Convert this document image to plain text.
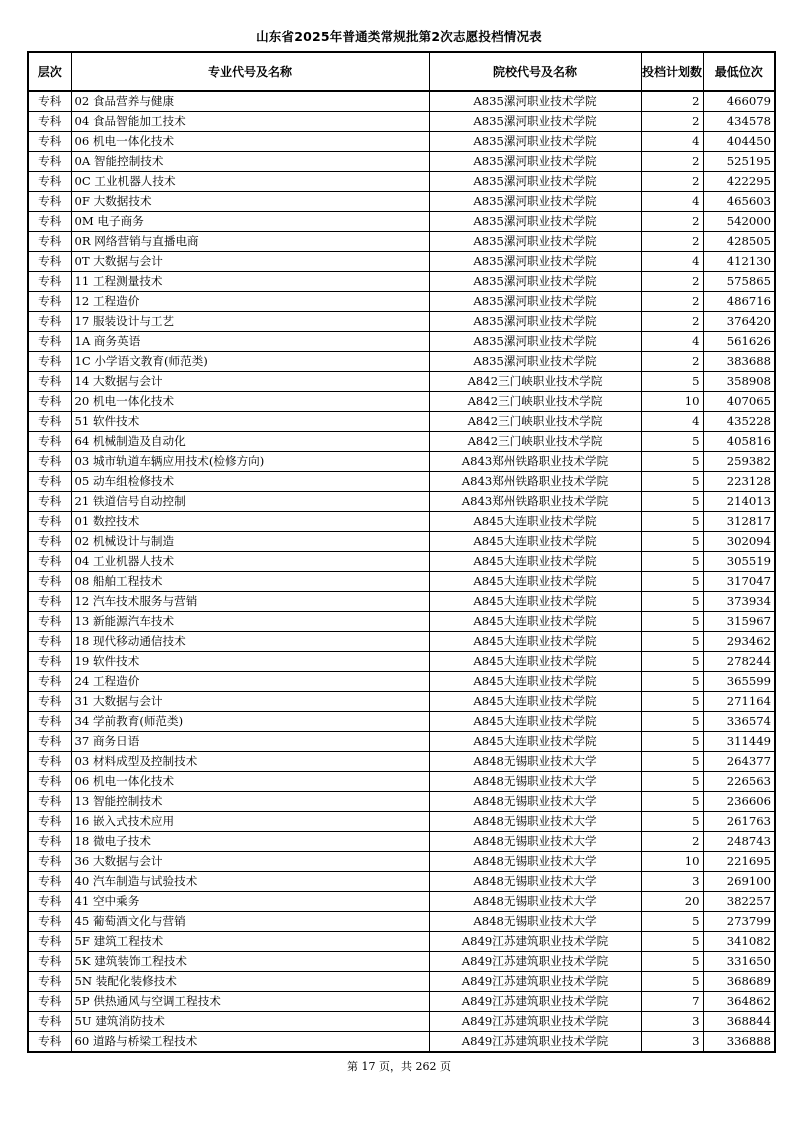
山东省2025年普通类常规批第2次志愿投档情况表
层次	专业代号及名称	院校代号及名称	投档计划数	最低位次
专科	02 食品营养与健康	A835漯河职业技术学院	2	466079
专科	04 食品智能加工技术	A835漯河职业技术学院	2	434578
专科	06 机电一体化技术	A835漯河职业技术学院	4	404450
专科	0A 智能控制技术	A835漯河职业技术学院	2	525195
专科	0C 工业机器人技术	A835漯河职业技术学院	2	422295
专科	0F 大数据技术	A835漯河职业技术学院	4	465603
专科	0M 电子商务	A835漯河职业技术学院	2	542000
专科	0R 网络营销与直播电商	A835漯河职业技术学院	2	428505
专科	0T 大数据与会计	A835漯河职业技术学院	4	412130
专科	11 工程测量技术	A835漯河职业技术学院	2	575865
专科	12 工程造价	A835漯河职业技术学院	2	486716
专科	17 服装设计与工艺	A835漯河职业技术学院	2	376420
专科	1A 商务英语	A835漯河职业技术学院	4	561626
专科	1C 小学语文教育(师范类)	A835漯河职业技术学院	2	383688
专科	14 大数据与会计	A842三门峡职业技术学院	5	358908
专科	20 机电一体化技术	A842三门峡职业技术学院	10	407065
专科	51 软件技术	A842三门峡职业技术学院	4	435228
专科	64 机械制造及自动化	A842三门峡职业技术学院	5	405816
专科	03 城市轨道车辆应用技术(检修方向)	A843郑州铁路职业技术学院	5	259382
专科	05 动车组检修技术	A843郑州铁路职业技术学院	5	223128
专科	21 铁道信号自动控制	A843郑州铁路职业技术学院	5	214013
专科	01 数控技术	A845大连职业技术学院	5	312817
专科	02 机械设计与制造	A845大连职业技术学院	5	302094
专科	04 工业机器人技术	A845大连职业技术学院	5	305519
专科	08 船舶工程技术	A845大连职业技术学院	5	317047
专科	12 汽车技术服务与营销	A845大连职业技术学院	5	373934
专科	13 新能源汽车技术	A845大连职业技术学院	5	315967
专科	18 现代移动通信技术	A845大连职业技术学院	5	293462
专科	19 软件技术	A845大连职业技术学院	5	278244
专科	24 工程造价	A845大连职业技术学院	5	365599
专科	31 大数据与会计	A845大连职业技术学院	5	271164
专科	34 学前教育(师范类)	A845大连职业技术学院	5	336574
专科	37 商务日语	A845大连职业技术学院	5	311449
专科	03 材料成型及控制技术	A848无锡职业技术大学	5	264377
专科	06 机电一体化技术	A848无锡职业技术大学	5	226563
专科	13 智能控制技术	A848无锡职业技术大学	5	236606
专科	16 嵌入式技术应用	A848无锡职业技术大学	5	261763
专科	18 微电子技术	A848无锡职业技术大学	2	248743
专科	36 大数据与会计	A848无锡职业技术大学	10	221695
专科	40 汽车制造与试验技术	A848无锡职业技术大学	3	269100
专科	41 空中乘务	A848无锡职业技术大学	20	382257
专科	45 葡萄酒文化与营销	A848无锡职业技术大学	5	273799
专科	5F 建筑工程技术	A849江苏建筑职业技术学院	5	341082
专科	5K 建筑装饰工程技术	A849江苏建筑职业技术学院	5	331650
专科	5N 装配化装修技术	A849江苏建筑职业技术学院	5	368689
专科	5P 供热通风与空调工程技术	A849江苏建筑职业技术学院	7	364862
专科	5U 建筑消防技术	A849江苏建筑职业技术学院	3	368844
专科	60 道路与桥梁工程技术	A849江苏建筑职业技术学院	3	336888
第 17 页，共 262 页
